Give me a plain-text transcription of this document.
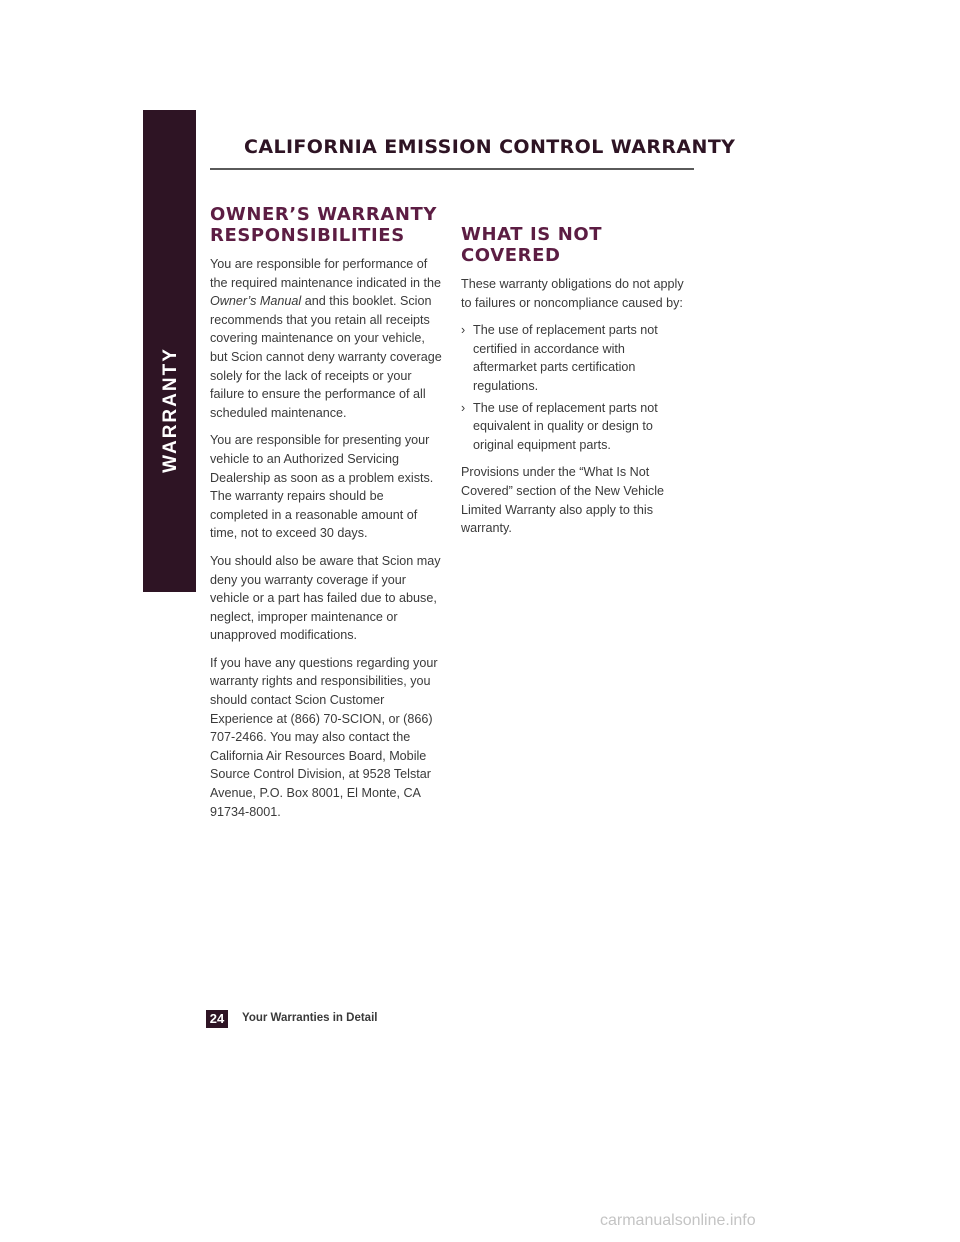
WARRANTY
CALIFORNIA EMISSION CONTROL WARRANTY
OWNER’S WARRANTY RESPONSIBILITIES

You are responsible for performance of the required maintenance indicated in the Owner’s Manual and this booklet. Scion recommends that you retain all receipts covering maintenance on your vehicle, but Scion cannot deny warranty coverage solely for the lack of receipts or your failure to ensure the performance of all scheduled maintenance.

You are responsible for presenting your vehicle to an Authorized Servicing Dealership as soon as a problem exists. The warranty repairs should be completed in a reasonable amount of time, not to exceed 30 days.

You should also be aware that Scion may deny you warranty coverage if your vehicle or a part has failed due to abuse, neglect, improper maintenance or unapproved modifications.

If you have any questions regarding your warranty rights and responsibilities, you should contact Scion Customer Experience at (866) 70-SCION, or (866) 707-2466. You may also contact the California Air Resources Board, Mobile Source Control Division, at 9528 Telstar Avenue, P.O. Box 8001, El Monte, CA 91734-8001.

WHAT IS NOT COVERED

These warranty obligations do not apply to failures or noncompliance caused by:

› The use of replacement parts not certified in accordance with aftermarket parts certification regulations.
› The use of replacement parts not equivalent in quality or design to original equipment parts.

Provisions under the “What Is Not Covered” section of the New Vehicle Limited Warranty also apply to this warranty.

24	Your Warranties in Detail
carmanualsonline.info
